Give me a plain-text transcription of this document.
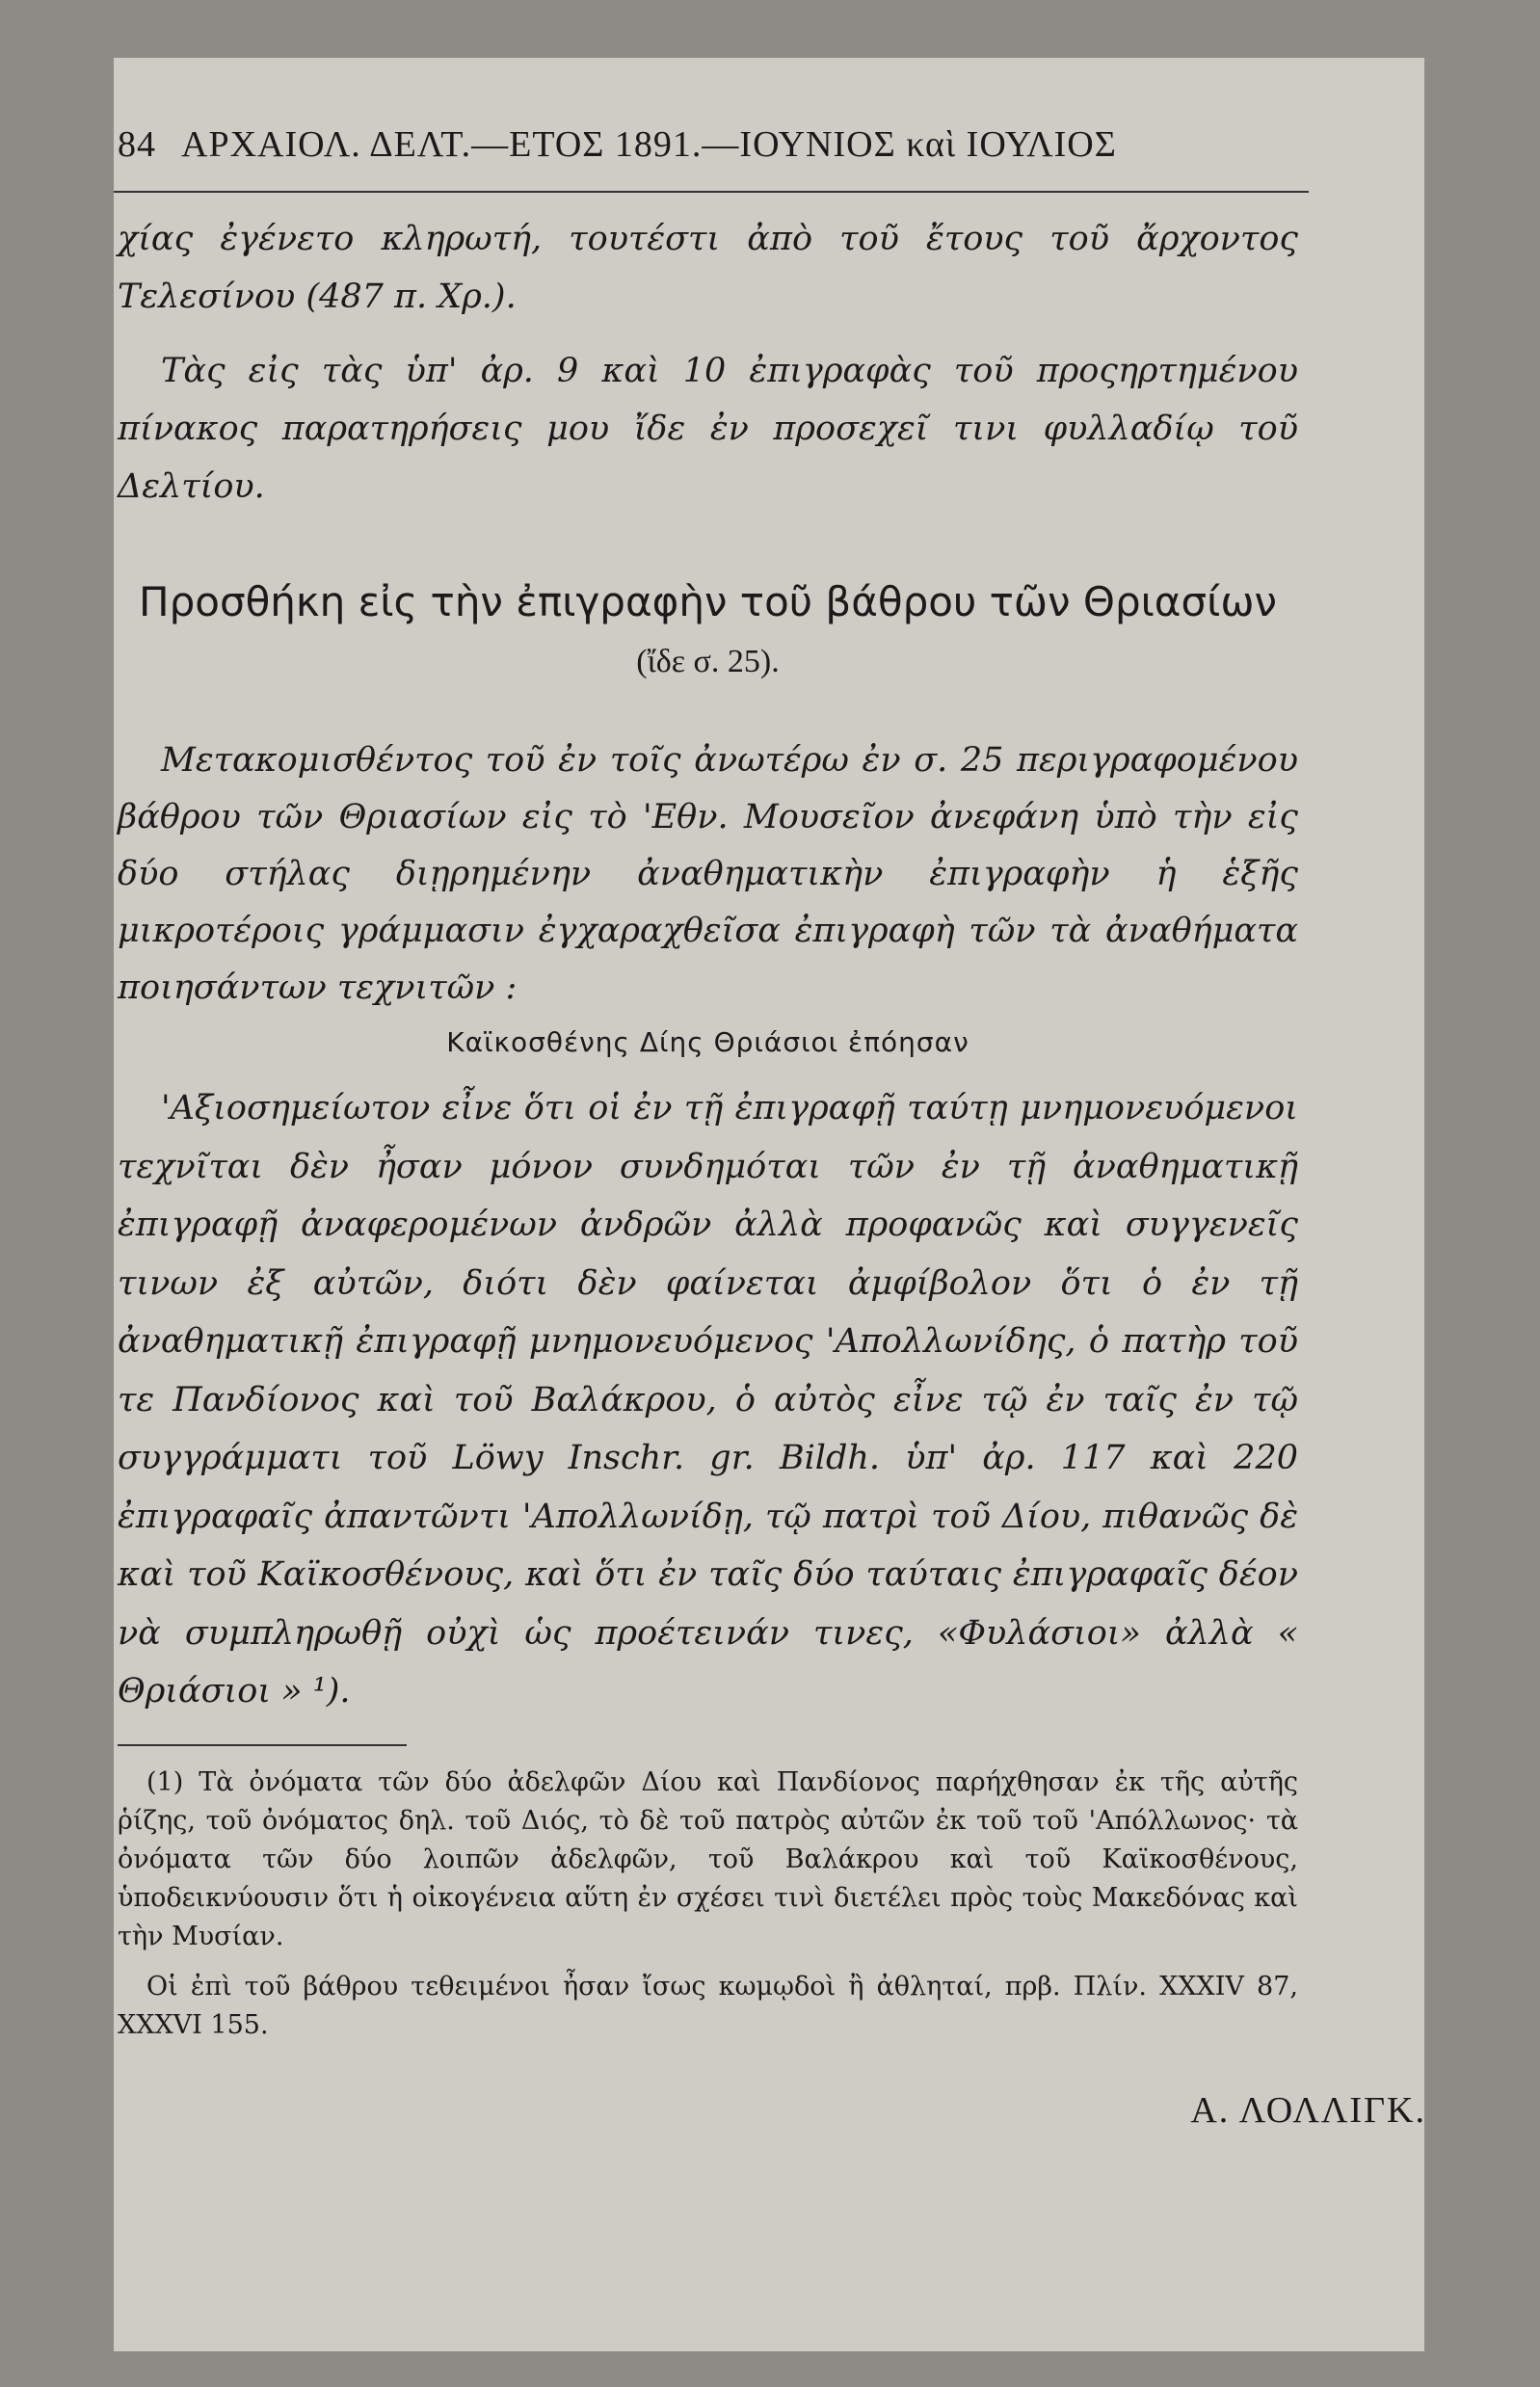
84 ΑΡΧΑΙΟΛ. ΔΕΛΤ.—ΕΤΟΣ 1891.—ΙΟΥΝΙΟΣ καὶ ΙΟΥΛΙΟΣ

χίας ἐγένετο κληρωτή, τουτέστι ἀπὸ τοῦ ἔτους τοῦ ἄρχοντος Τελεσίνου (487 π. Χρ.).

Τὰς εἰς τὰς ὑπ' ἀρ. 9 καὶ 10 ἐπιγραφὰς τοῦ προςηρτημένου πίνακος παρατηρήσεις μου ἴδε ἐν προσεχεῖ τινι φυλλαδίῳ τοῦ Δελτίου.

Προσθήκη εἰς τὴν ἐπιγραφὴν τοῦ βάθρου τῶν Θριασίων
(ἴδε σ. 25).

Μετακομισθέντος τοῦ ἐν τοῖς ἀνωτέρω ἐν σ. 25 περιγραφομένου βάθρου τῶν Θριασίων εἰς τὸ 'Εθν. Μουσεῖον ἀνεφάνη ὑπὸ τὴν εἰς δύο στήλας διῃρημένην ἀναθηματικὴν ἐπιγραφὴν ἡ ἑξῆς μικροτέροις γράμμασιν ἐγχαραχθεῖσα ἐπιγραφὴ τῶν τὰ ἀναθήματα ποιησάντων τεχνιτῶν :

Καϊκοσθένης Δίης Θριάσιοι ἐπόησαν

'Αξιοσημείωτον εἶνε ὅτι οἱ ἐν τῇ ἐπιγραφῇ ταύτῃ μνημονευόμενοι τεχνῖται δὲν ἦσαν μόνον συνδημόται τῶν ἐν τῇ ἀναθηματικῇ ἐπιγραφῇ ἀναφερομένων ἀνδρῶν ἀλλὰ προφανῶς καὶ συγγενεῖς τινων ἐξ αὐτῶν, διότι δὲν φαίνεται ἀμφίβολον ὅτι ὁ ἐν τῇ ἀναθηματικῇ ἐπιγραφῇ μνημονευόμενος 'Απολλωνίδης, ὁ πατὴρ τοῦ τε Πανδίονος καὶ τοῦ Βαλάκρου, ὁ αὐτὸς εἶνε τῷ ἐν ταῖς ἐν τῷ συγγράμματι τοῦ Löwy Inschr. gr. Bildh. ὑπ' ἀρ. 117 καὶ 220 ἐπιγραφαῖς ἀπαντῶντι 'Απολλωνίδῃ, τῷ πατρὶ τοῦ Δίου, πιθανῶς δὲ καὶ τοῦ Καϊκοσθένους, καὶ ὅτι ἐν ταῖς δύο ταύταις ἐπιγραφαῖς δέον νὰ συμπληρωθῇ οὐχὶ ὡς προέτεινάν τινες, «Φυλάσιοι» ἀλλὰ « Θριάσιοι » ¹).

(1) Τὰ ὀνόματα τῶν δύο ἀδελφῶν Δίου καὶ Πανδίονος παρήχθησαν ἐκ τῆς αὐτῆς ῥίζης, τοῦ ὀνόματος δηλ. τοῦ Διός, τὸ δὲ τοῦ πατρὸς αὐτῶν ἐκ τοῦ τοῦ 'Απόλλωνος· τὰ ὀνόματα τῶν δύο λοιπῶν ἀδελφῶν, τοῦ Βαλάκρου καὶ τοῦ Καϊκοσθένους, ὑποδεικνύουσιν ὅτι ἡ οἰκογένεια αὕτη ἐν σχέσει τινὶ διετέλει πρὸς τοὺς Μακεδόνας καὶ τὴν Μυσίαν.

Οἱ ἐπὶ τοῦ βάθρου τεθειμένοι ἦσαν ἴσως κωμῳδοὶ ἢ ἀθληταί, πρβ. Πλίν. XXXIV 87, XXXVI 155.

Α. ΛΟΛΛΙΓΚ.
